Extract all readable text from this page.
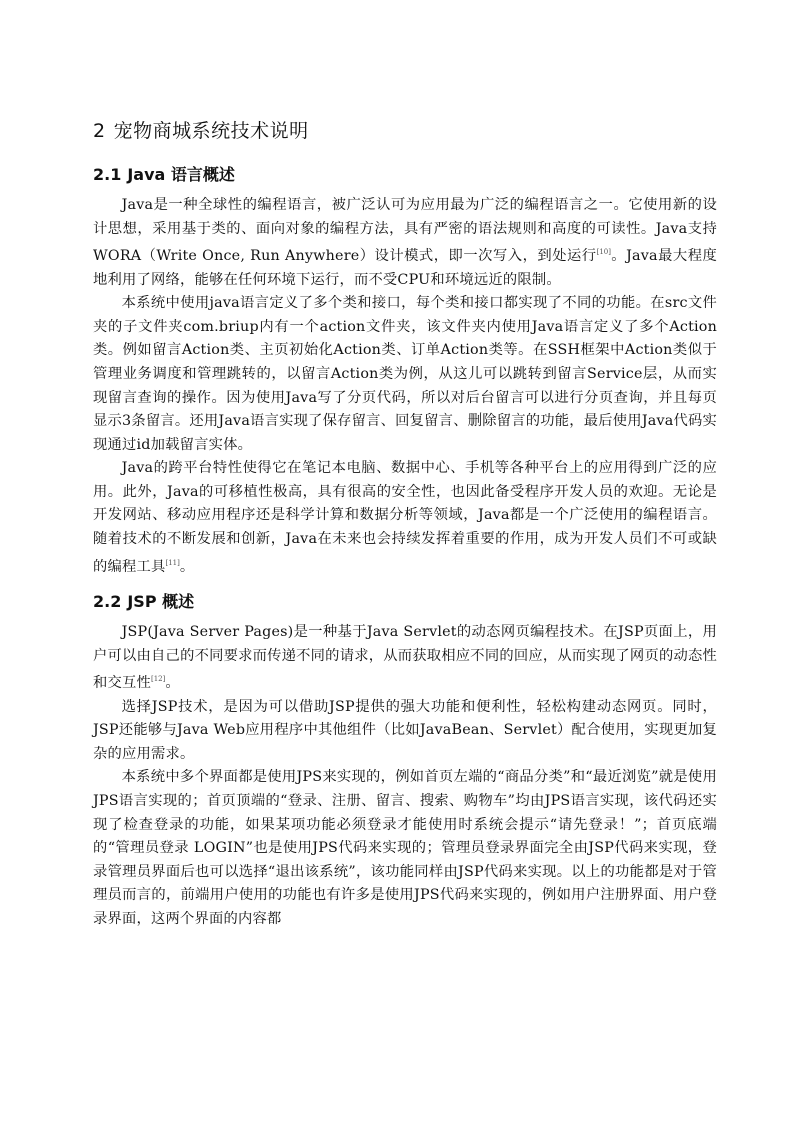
2 宠物商城系统技术说明
2.1 Java 语言概述

Java是一种全球性的编程语言，被广泛认可为应用最为广泛的编程语言之一。它使用新的设计思想，采用基于类的、面向对象的编程方法，具有严密的语法规则和高度的可读性。Java支持WORA（Write Once, Run Anywhere）设计模式，即一次写入，到处运行[10]。Java最大程度地利用了网络，能够在任何环境下运行，而不受CPU和环境远近的限制。

本系统中使用java语言定义了多个类和接口，每个类和接口都实现了不同的功能。在src文件夹的子文件夹com.briup内有一个action文件夹，该文件夹内使用Java语言定义了多个Action类。例如留言Action类、主页初始化Action类、订单Action类等。在SSH框架中Action类似于管理业务调度和管理跳转的，以留言Action类为例，从这儿可以跳转到留言Service层，从而实现留言查询的操作。因为使用Java写了分页代码，所以对后台留言可以进行分页查询，并且每页显示3条留言。还用Java语言实现了保存留言、回复留言、删除留言的功能，最后使用Java代码实现通过id加载留言实体。

Java的跨平台特性使得它在笔记本电脑、数据中心、手机等各种平台上的应用得到广泛的应用。此外，Java的可移植性极高，具有很高的安全性，也因此备受程序开发人员的欢迎。无论是开发网站、移动应用程序还是科学计算和数据分析等领域，Java都是一个广泛使用的编程语言。随着技术的不断发展和创新，Java在未来也会持续发挥着重要的作用，成为开发人员们不可或缺的编程工具[11]。

2.2 JSP 概述

JSP(Java Server Pages)是一种基于Java Servlet的动态网页编程技术。在JSP页面上，用户可以由自己的不同要求而传递不同的请求，从而获取相应不同的回应，从而实现了网页的动态性和交互性[12]。

选择JSP技术，是因为可以借助JSP提供的强大功能和便利性，轻松构建动态网页。同时，JSP还能够与Java Web应用程序中其他组件（比如JavaBean、Servlet）配合使用，实现更加复杂的应用需求。

本系统中多个界面都是使用JPS来实现的，例如首页左端的“商品分类”和“最近浏览”就是使用JPS语言实现的；首页顶端的“登录、注册、留言、搜索、购物车”均由JPS语言实现，该代码还实现了检查登录的功能，如果某项功能必须登录才能使用时系统会提示“请先登录！”；首页底端的“管理员登录 LOGIN”也是使用JPS代码来实现的；管理员登录界面完全由JSP代码来实现，登录管理员界面后也可以选择“退出该系统”，该功能同样由JSP代码来实现。以上的功能都是对于管理员而言的，前端用户使用的功能也有许多是使用JPS代码来实现的，例如用户注册界面、用户登录界面，这两个界面的内容都
